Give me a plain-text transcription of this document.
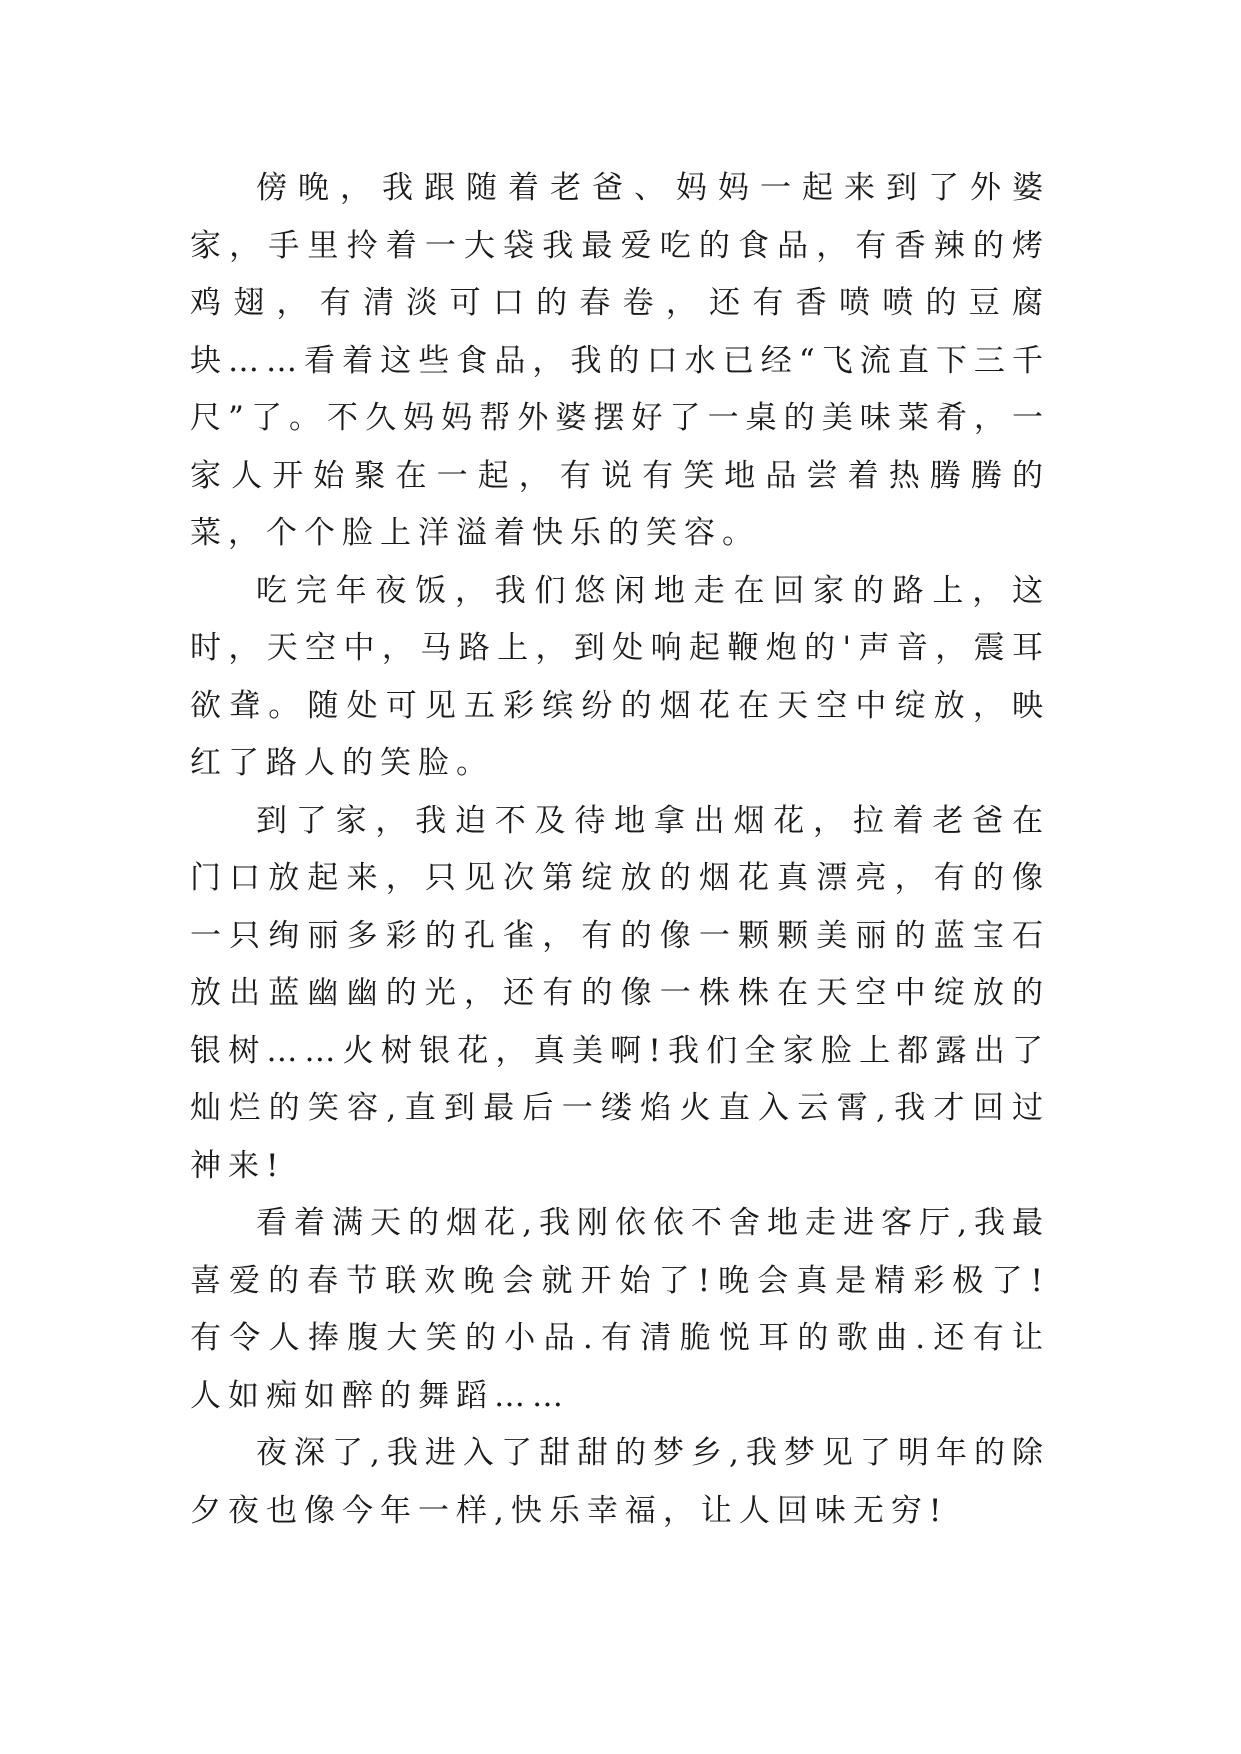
傍晚，我跟随着老爸、妈妈一起来到了外婆家，手里拎着一大袋我最爱吃的食品，有香辣的烤鸡翅，有清淡可口的春卷，还有香喷喷的豆腐块……看着这些食品，我的口水已经“飞流直下三千尺”了。不久妈妈帮外婆摆好了一桌的美味菜肴，一家人开始聚在一起，有说有笑地品尝着热腾腾的菜，个个脸上洋溢着快乐的笑容。

吃完年夜饭，我们悠闲地走在回家的路上，这时，天空中，马路上，到处响起鞭炮的'声音，震耳欲聋。随处可见五彩缤纷的烟花在天空中绽放，映红了路人的笑脸。

到了家，我迫不及待地拿出烟花，拉着老爸在门口放起来，只见次第绽放的烟花真漂亮，有的像一只绚丽多彩的孔雀，有的像一颗颗美丽的蓝宝石放出蓝幽幽的光，还有的像一株株在天空中绽放的银树……火树银花，真美啊!我们全家脸上都露出了灿烂的笑容,直到最后一缕焰火直入云霄,我才回过神来!

看着满天的烟花,我刚依依不舍地走进客厅,我最喜爱的春节联欢晚会就开始了!晚会真是精彩极了!有令人捧腹大笑的小品.有清脆悦耳的歌曲.还有让人如痴如醉的舞蹈……

夜深了,我进入了甜甜的梦乡,我梦见了明年的除夕夜也像今年一样,快乐幸福，让人回味无穷!
